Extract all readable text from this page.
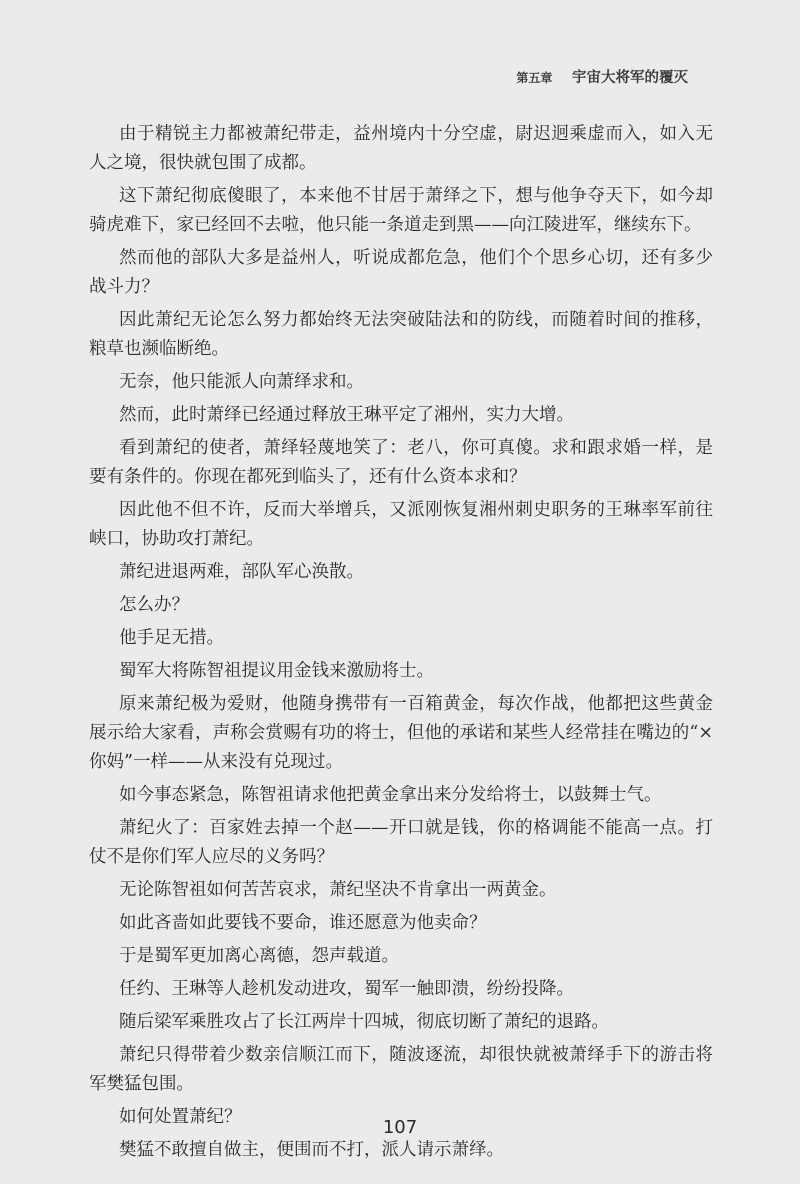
第五章 宇宙大将军的覆灭

由于精锐主力都被萧纪带走，益州境内十分空虚，尉迟迥乘虚而入，如入无人之境，很快就包围了成都。

这下萧纪彻底傻眼了，本来他不甘居于萧绎之下，想与他争夺天下，如今却骑虎难下，家已经回不去啦，他只能一条道走到黑——向江陵进军，继续东下。

然而他的部队大多是益州人，听说成都危急，他们个个思乡心切，还有多少战斗力？

因此萧纪无论怎么努力都始终无法突破陆法和的防线，而随着时间的推移，粮草也濒临断绝。

无奈，他只能派人向萧绎求和。

然而，此时萧绎已经通过释放王琳平定了湘州，实力大增。

看到萧纪的使者，萧绎轻蔑地笑了：老八，你可真傻。求和跟求婚一样，是要有条件的。你现在都死到临头了，还有什么资本求和？

因此他不但不许，反而大举增兵，又派刚恢复湘州刺史职务的王琳率军前往峡口，协助攻打萧纪。

萧纪进退两难，部队军心涣散。

怎么办？

他手足无措。

蜀军大将陈智祖提议用金钱来激励将士。

原来萧纪极为爱财，他随身携带有一百箱黄金，每次作战，他都把这些黄金展示给大家看，声称会赏赐有功的将士，但他的承诺和某些人经常挂在嘴边的“× 你妈”一样——从来没有兑现过。

如今事态紧急，陈智祖请求他把黄金拿出来分发给将士，以鼓舞士气。

萧纪火了：百家姓去掉一个赵——开口就是钱，你的格调能不能高一点。打仗不是你们军人应尽的义务吗？

无论陈智祖如何苦苦哀求，萧纪坚决不肯拿出一两黄金。

如此吝啬如此要钱不要命，谁还愿意为他卖命？

于是蜀军更加离心离德，怨声载道。

任约、王琳等人趁机发动进攻，蜀军一触即溃，纷纷投降。

随后梁军乘胜攻占了长江两岸十四城，彻底切断了萧纪的退路。

萧纪只得带着少数亲信顺江而下，随波逐流，却很快就被萧绎手下的游击将军樊猛包围。

如何处置萧纪？

樊猛不敢擅自做主，便围而不打，派人请示萧绎。

107
